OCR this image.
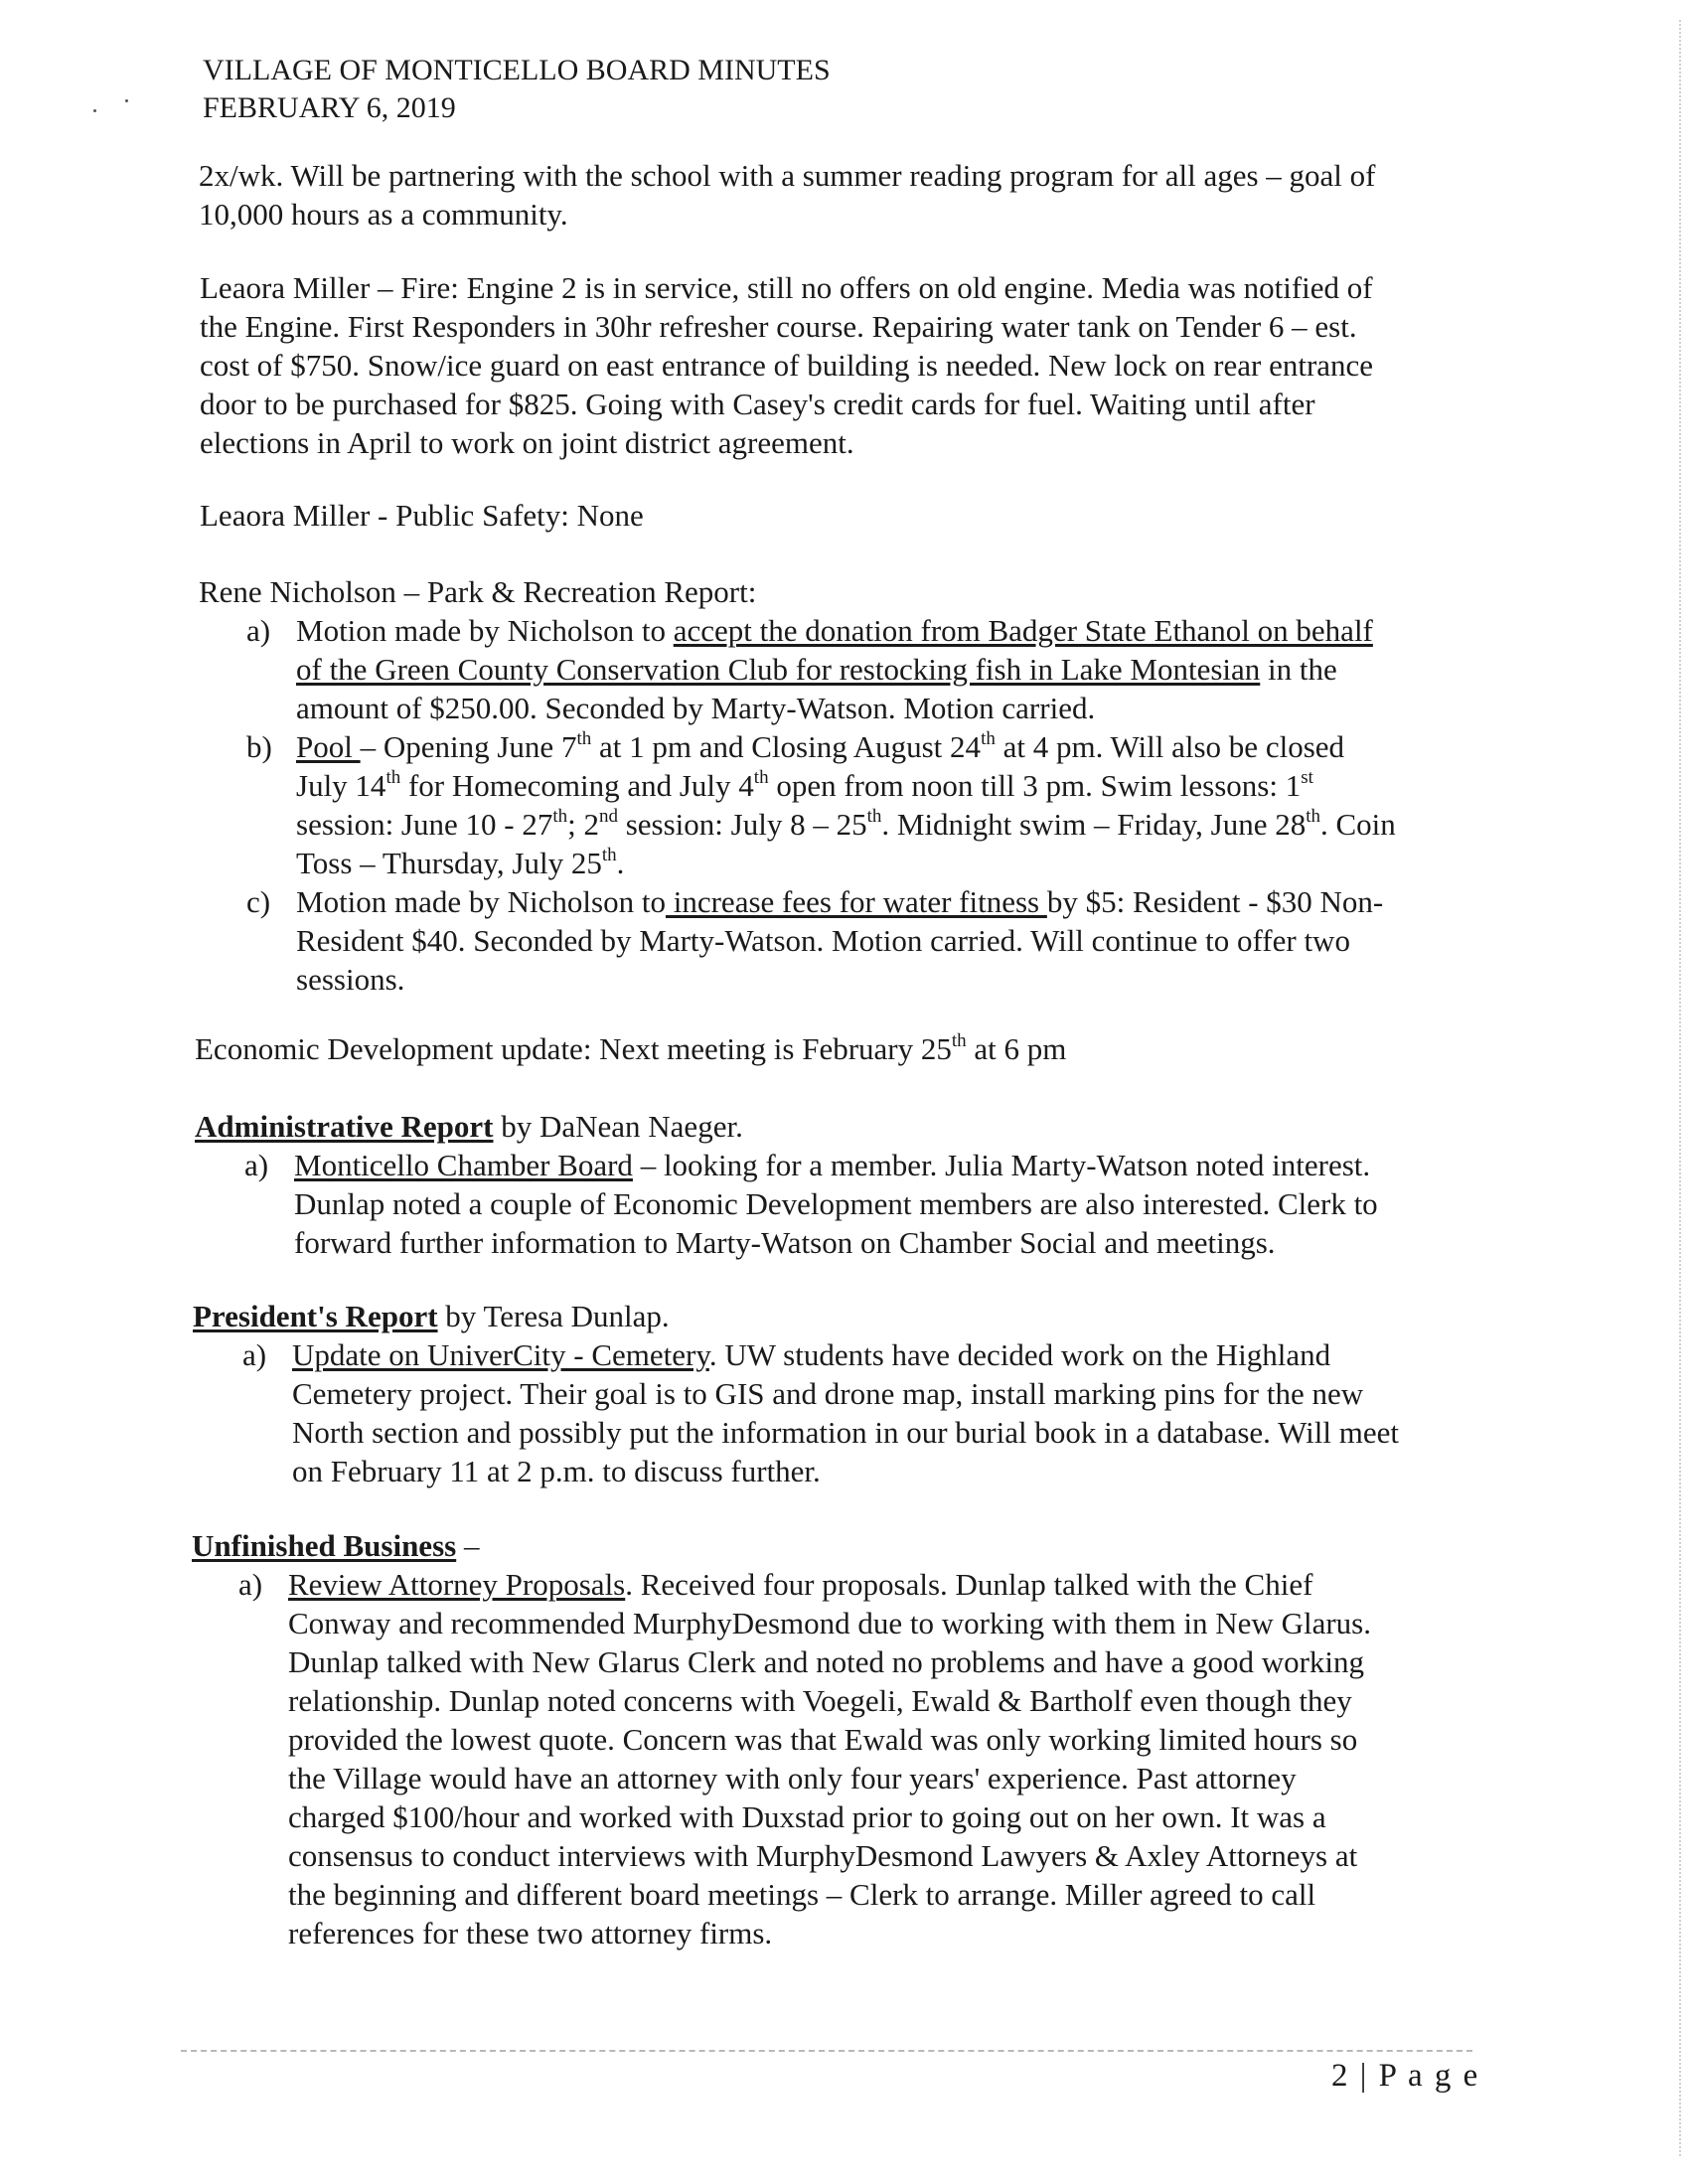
VILLAGE OF MONTICELLO BOARD MINUTES
FEBRUARY 6, 2019
2x/wk. Will be partnering with the school with a summer reading program for all ages – goal of
10,000 hours as a community.
Leaora Miller – Fire: Engine 2 is in service, still no offers on old engine. Media was notified of
the Engine. First Responders in 30hr refresher course. Repairing water tank on Tender 6 – est.
cost of $750. Snow/ice guard on east entrance of building is needed. New lock on rear entrance
door to be purchased for $825. Going with Casey's credit cards for fuel. Waiting until after
elections in April to work on joint district agreement.
Leaora Miller - Public Safety: None
Rene Nicholson – Park & Recreation Report:
a) Motion made by Nicholson to accept the donation from Badger State Ethanol on behalf
of the Green County Conservation Club for restocking fish in Lake Montesian in the
amount of $250.00. Seconded by Marty-Watson. Motion carried.
b) Pool – Opening June 7th at 1 pm and Closing August 24th at 4 pm. Will also be closed
July 14th for Homecoming and July 4th open from noon till 3 pm. Swim lessons: 1st
session: June 10 - 27th; 2nd session: July 8 – 25th. Midnight swim – Friday, June 28th. Coin
Toss – Thursday, July 25th.
c) Motion made by Nicholson to increase fees for water fitness by $5: Resident - $30 Non-
Resident $40. Seconded by Marty-Watson. Motion carried. Will continue to offer two
sessions.
Economic Development update: Next meeting is February 25th at 6 pm
Administrative Report by DaNean Naeger.
a) Monticello Chamber Board – looking for a member. Julia Marty-Watson noted interest.
Dunlap noted a couple of Economic Development members are also interested. Clerk to
forward further information to Marty-Watson on Chamber Social and meetings.
President's Report by Teresa Dunlap.
a) Update on UniverCity - Cemetery. UW students have decided work on the Highland
Cemetery project. Their goal is to GIS and drone map, install marking pins for the new
North section and possibly put the information in our burial book in a database. Will meet
on February 11 at 2 p.m. to discuss further.
Unfinished Business –
a) Review Attorney Proposals. Received four proposals. Dunlap talked with the Chief
Conway and recommended MurphyDesmond due to working with them in New Glarus.
Dunlap talked with New Glarus Clerk and noted no problems and have a good working
relationship. Dunlap noted concerns with Voegeli, Ewald & Bartholf even though they
provided the lowest quote. Concern was that Ewald was only working limited hours so
the Village would have an attorney with only four years' experience. Past attorney
charged $100/hour and worked with Duxstad prior to going out on her own. It was a
consensus to conduct interviews with MurphyDesmond Lawyers & Axley Attorneys at
the beginning and different board meetings – Clerk to arrange. Miller agreed to call
references for these two attorney firms.
2 | P a g e
